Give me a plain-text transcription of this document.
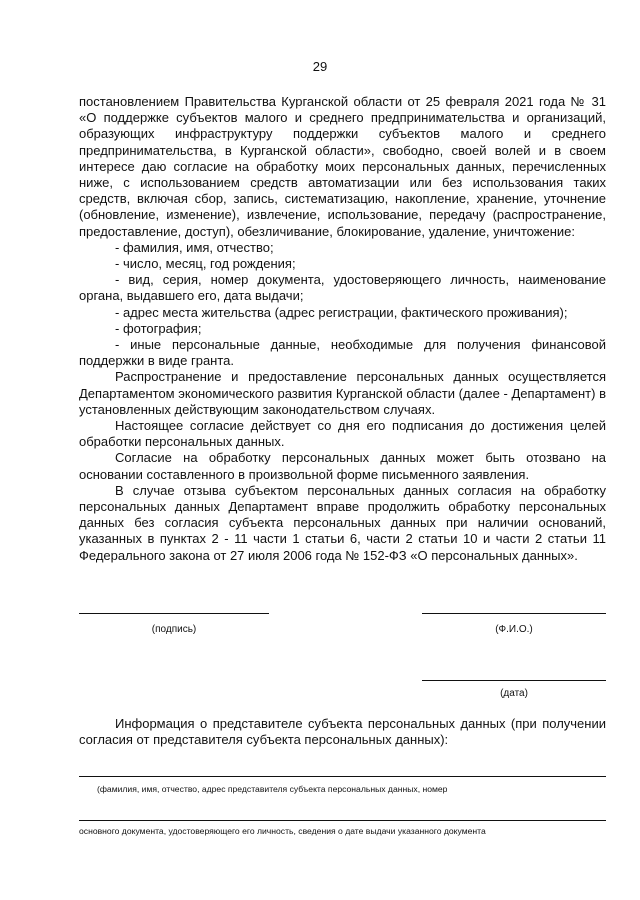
29

постановлением Правительства Курганской области от 25 февраля 2021 года № 31 «О поддержке субъектов малого и среднего предпринимательства и организаций, образующих инфраструктуру поддержки субъектов малого и среднего предпринимательства, в Курганской области», свободно, своей волей и в своем интересе даю согласие на обработку моих персональных данных, перечисленных ниже, с использованием средств автоматизации или без использования таких средств, включая сбор, запись, систематизацию, накопление, хранение, уточнение (обновление, изменение), извлечение, использование, передачу (распространение, предоставление, доступ), обезличивание, блокирование, удаление, уничтожение:

- фамилия, имя, отчество;

- число, месяц, год рождения;

- вид, серия, номер документа, удостоверяющего личность, наименование органа, выдавшего его, дата выдачи;

- адрес места жительства (адрес регистрации, фактического проживания);

- фотография;

- иные персональные данные, необходимые для получения финансовой поддержки в виде гранта.

Распространение и предоставление персональных данных осуществляется Департаментом экономического развития Курганской области (далее - Департамент) в установленных действующим законодательством случаях.

Настоящее согласие действует со дня его подписания до достижения целей обработки персональных данных.

Согласие на обработку персональных данных может быть отозвано на основании составленного в произвольной форме письменного заявления.

В случае отзыва субъектом персональных данных согласия на обработку персональных данных Департамент вправе продолжить обработку персональных данных без согласия субъекта персональных данных при наличии оснований, указанных в пунктах 2 - 11 части 1 статьи 6, части 2 статьи 10 и части 2 статьи 11 Федерального закона от 27 июля 2006 года № 152-ФЗ «О персональных данных».

(подпись)	(Ф.И.О.)
(дата)

Информация о представителе субъекта персональных данных (при получении согласия от представителя субъекта персональных данных):

(фамилия, имя, отчество, адрес представителя субъекта персональных данных, номер
основного документа, удостоверяющего его личность, сведения о дате выдачи указанного документа
